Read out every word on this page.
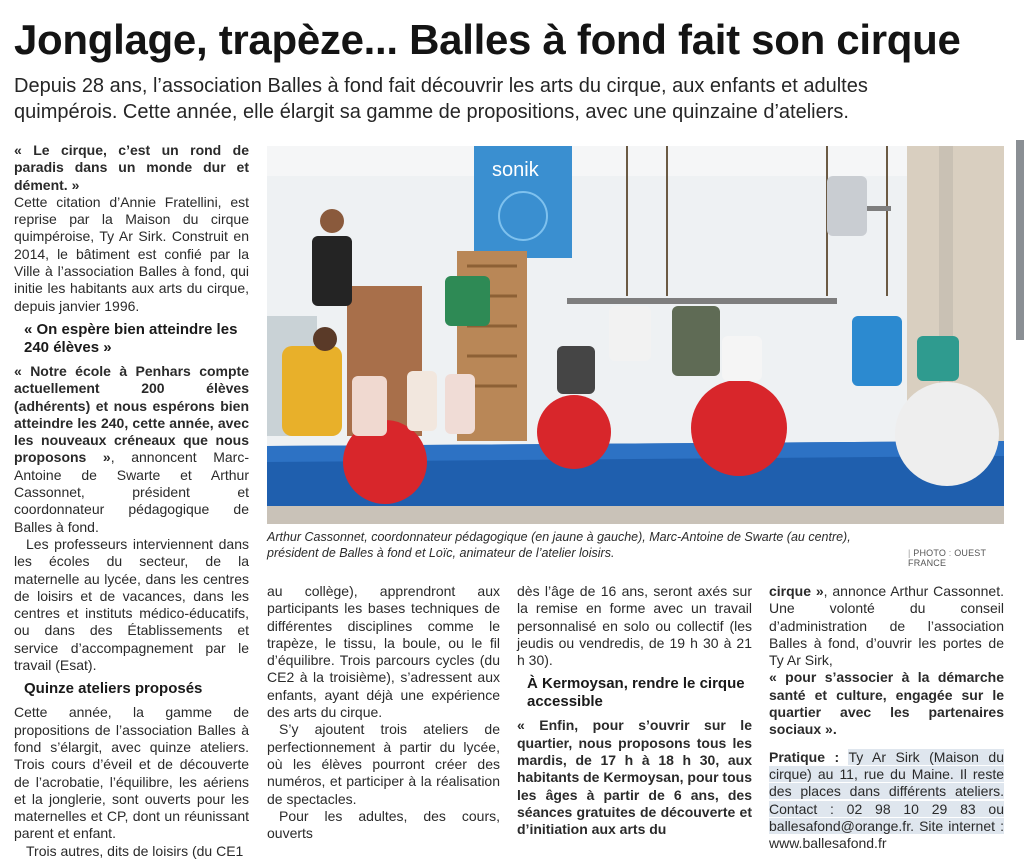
Jonglage, trapèze... Balles à fond fait son cirque

Depuis 28 ans, l’association Balles à fond fait découvrir les arts du cirque, aux enfants et adultes quimpérois. Cette année, elle élargit sa gamme de propositions, avec une quinzaine d’ateliers.

« Le cirque, c’est un rond de paradis dans un monde dur et dément. »

Cette citation d’Annie Fratellini, est reprise par la Maison du cirque quimpéroise, Ty Ar Sirk. Construit en 2014, le bâtiment est confié par la Ville à l’association Balles à fond, qui initie les habitants aux arts du cirque, depuis janvier 1996.

« On espère bien atteindre les 240 élèves »

« Notre école à Penhars compte actuellement 200 élèves (adhérents) et nous espérons bien atteindre les 240, cette année, avec les nouveaux créneaux que nous proposons », annoncent Marc-Antoine de Swarte et Arthur Cassonnet, président et coordonnateur pédagogique de Balles à fond.

Les professeurs interviennent dans les écoles du secteur, de la maternelle au lycée, dans les centres de loisirs et de vacances, dans les centres et instituts médico-éducatifs, ou dans des Établissements et service d’accompagnement par le travail (Esat).

Quinze ateliers proposés

Cette année, la gamme de propositions de l’association Balles à fond s’élargit, avec quinze ateliers. Trois cours d’éveil et de découverte de l’acrobatie, l’équilibre, les aériens et la jonglerie, sont ouverts pour les maternelles et CP, dont un réunissant parent et enfant.

Trois autres, dits de loisirs (du CE1

sonik
Arthur Cassonnet, coordonnateur pédagogique (en jaune à gauche), Marc-Antoine de Swarte (au centre), président de Balles à fond et Loïc, animateur de l’atelier loisirs.	| PHOTO : OUEST FRANCE

au collège), apprendront aux participants les bases techniques de différentes disciplines comme le trapèze, le tissu, la boule, ou le fil d’équilibre. Trois parcours cycles (du CE2 à la troisième), s’adressent aux enfants, ayant déjà une expérience des arts du cirque.

S’y ajoutent trois ateliers de perfectionnement à partir du lycée, où les élèves pourront créer des numéros, et participer à la réalisation de spectacles.

Pour les adultes, des cours, ouverts

dès l’âge de 16 ans, seront axés sur la remise en forme avec un travail personnalisé en solo ou collectif (les jeudis ou vendredis, de 19 h 30 à 21 h 30).

À Kermoysan, rendre le cirque accessible

« Enfin, pour s’ouvrir sur le quartier, nous proposons tous les mardis, de 17 h à 18 h 30, aux habitants de Kermoysan, pour tous les âges à partir de 6 ans, des séances gratuites de découverte et d’initiation aux arts du

cirque », annonce Arthur Cassonnet. Une volonté du conseil d’administration de l’association Balles à fond, d’ouvrir les portes de Ty Ar Sirk,

« pour s’associer à la démarche santé et culture, engagée sur le quartier avec les partenaires sociaux ».

Pratique : Ty Ar Sirk (Maison du cirque) au 11, rue du Maine. Il reste des places dans différents ateliers. Contact : 02 98 10 29 83 ou ballesafond@orange.fr. Site internet : www.ballesafond.fr
